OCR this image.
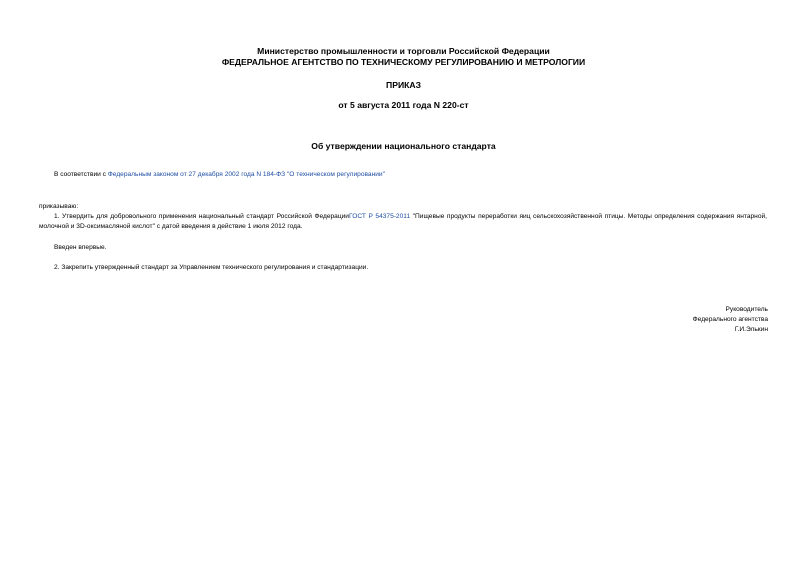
Министерство промышленности и торговли Российской Федерации
ФЕДЕРАЛЬНОЕ АГЕНТСТВО ПО ТЕХНИЧЕСКОМУ РЕГУЛИРОВАНИЮ И МЕТРОЛОГИИ
ПРИКАЗ
от 5 августа 2011 года N 220-ст
Об утверждении национального стандарта
В соответствии с Федеральным законом от 27 декабря 2002 года N 184-ФЗ "О техническом регулировании"
приказываю:
1. Утвердить для добровольного применения национальный стандарт Российской ФедерацииГОСТ Р 54375-2011 "Пищевые продукты переработки яиц сельскохозяйственной птицы. Методы определения содержания янтарной, молочной и 3D-оксимасляной кислот" с датой введения в действие 1 июля 2012 года.
Введен впервые.
2. Закрепить утвержденный стандарт за Управлением технического регулирования и стандартизации.
Руководитель
Федерального агентства
Г.И.Элькин
